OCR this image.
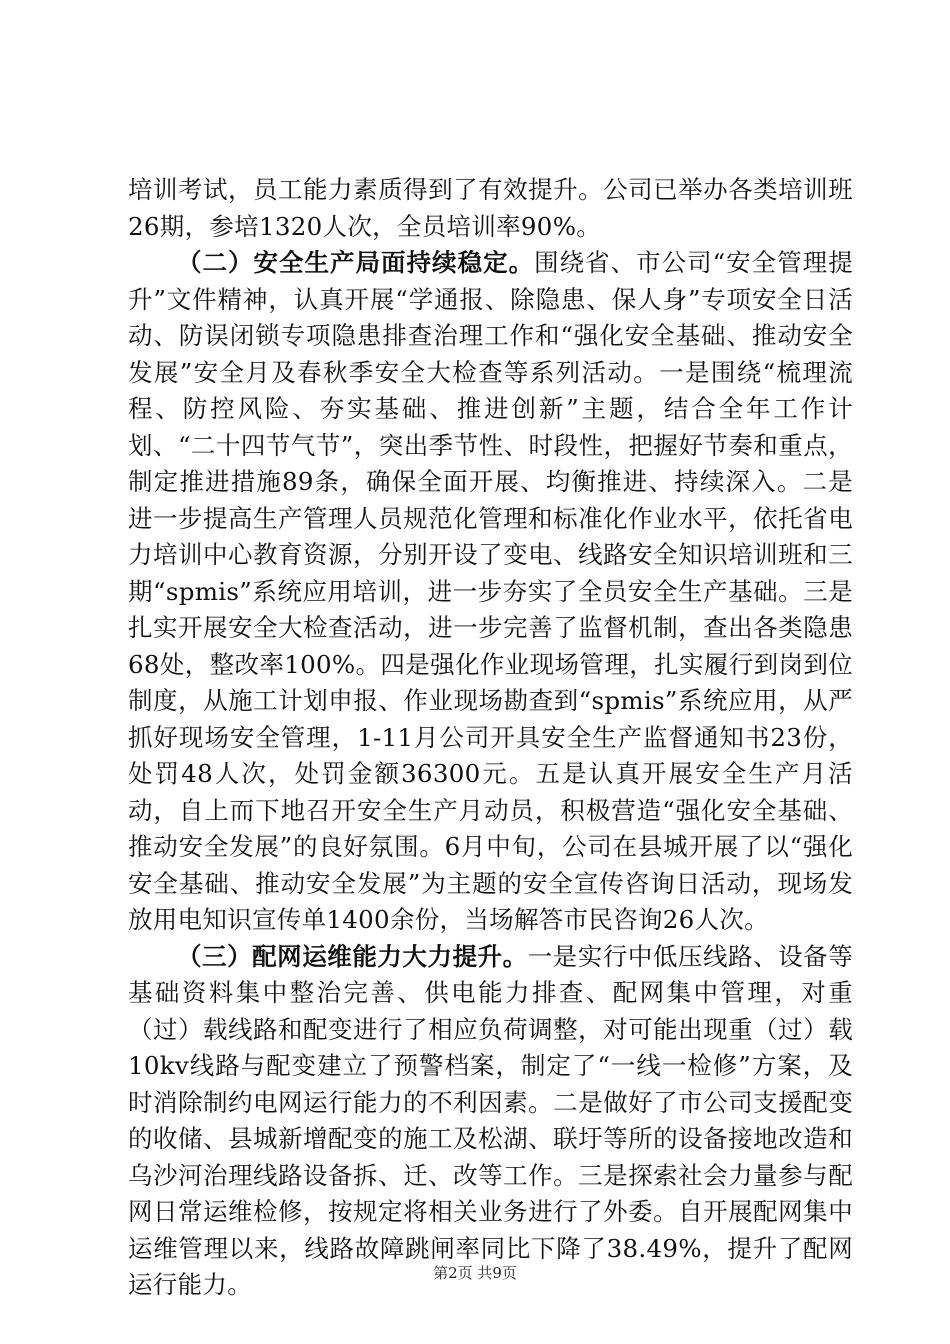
培训考试，员工能力素质得到了有效提升。公司已举办各类培训班26期，参培1320人次，全员培训率90%。

（二）安全生产局面持续稳定。围绕省、市公司“安全管理提升”文件精神，认真开展“学通报、除隐患、保人身”专项安全日活动、防误闭锁专项隐患排查治理工作和“强化安全基础、推动安全发展”安全月及春秋季安全大检查等系列活动。一是围绕“梳理流程、防控风险、夯实基础、推进创新”主题，结合全年工作计划、“二十四节气节”，突出季节性、时段性，把握好节奏和重点，制定推进措施89条，确保全面开展、均衡推进、持续深入。二是进一步提高生产管理人员规范化管理和标准化作业水平，依托省电力培训中心教育资源，分别开设了变电、线路安全知识培训班和三期“spmis”系统应用培训，进一步夯实了全员安全生产基础。三是扎实开展安全大检查活动，进一步完善了监督机制，查出各类隐患68处，整改率100%。四是强化作业现场管理，扎实履行到岗到位制度，从施工计划申报、作业现场勘查到“spmis”系统应用，从严抓好现场安全管理，1-11月公司开具安全生产监督通知书23份，处罚48人次，处罚金额36300元。五是认真开展安全生产月活动，自上而下地召开安全生产月动员，积极营造“强化安全基础、推动安全发展”的良好氛围。6月中旬，公司在县城开展了以“强化安全基础、推动安全发展”为主题的安全宣传咨询日活动，现场发放用电知识宣传单1400余份，当场解答市民咨询26人次。

（三）配网运维能力大力提升。一是实行中低压线路、设备等基础资料集中整治完善、供电能力排查、配网集中管理，对重（过）载线路和配变进行了相应负荷调整，对可能出现重（过）载10kv线路与配变建立了预警档案，制定了“一线一检修”方案，及时消除制约电网运行能力的不利因素。二是做好了市公司支援配变的收储、县城新增配变的施工及松湖、联圩等所的设备接地改造和乌沙河治理线路设备拆、迁、改等工作。三是探索社会力量参与配网日常运维检修，按规定将相关业务进行了外委。自开展配网集中运维管理以来，线路故障跳闸率同比下降了38.49%，提升了配网运行能力。	第2页 共9页
